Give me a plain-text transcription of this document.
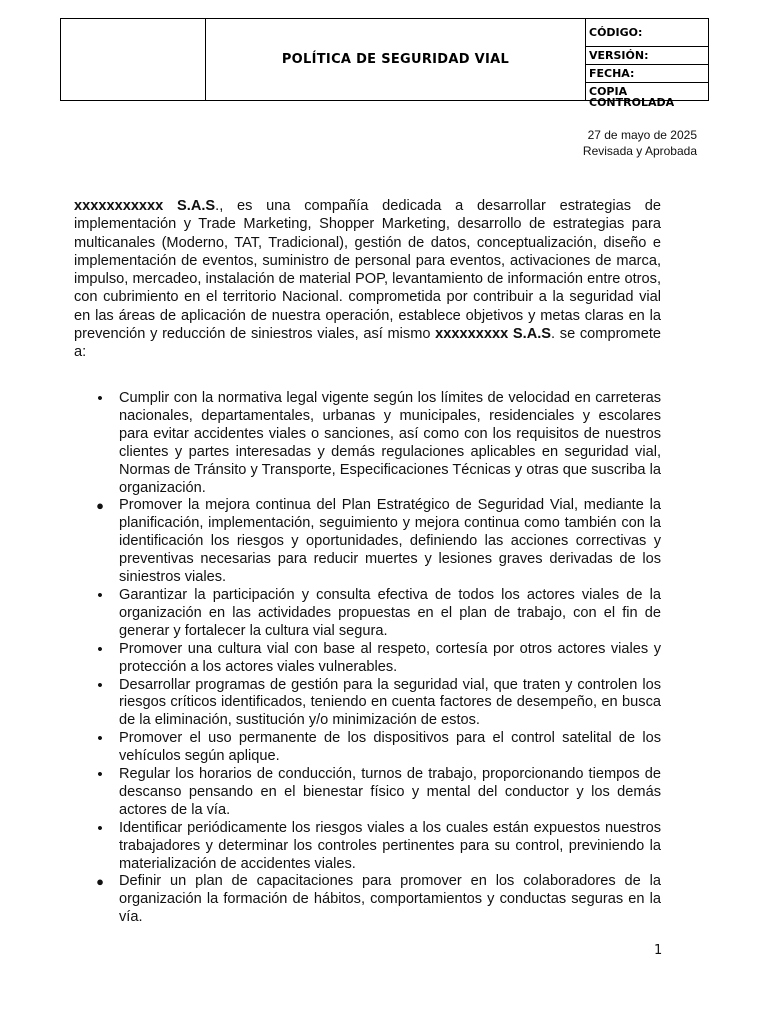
POLÍTICA DE SEGURIDAD VIAL
CÓDIGO:
VERSIÓN:
FECHA:
COPIA CONTROLADA
27 de mayo de 2025
Revisada y Aprobada

xxxxxxxxxxx S.A.S., es una compañía dedicada a desarrollar estrategias de implementación y Trade Marketing, Shopper Marketing, desarrollo de estrategias para multicanales (Moderno, TAT, Tradicional), gestión de datos, conceptualización, diseño e implementación de eventos, suministro de personal para eventos, activaciones de marca, impulso, mercadeo, instalación de material POP, levantamiento de información entre otros, con cubrimiento en el territorio Nacional. comprometida por contribuir a la seguridad vial en las áreas de aplicación de nuestra operación, establece objetivos y metas claras en la prevención y reducción de siniestros viales, así mismo xxxxxxxxx S.A.S. se compromete a:

•
Cumplir con la normativa legal vigente según los límites de velocidad en carreteras nacionales, departamentales, urbanas y municipales, residenciales y escolares para evitar accidentes viales o sanciones, así como con los requisitos de nuestros clientes y partes interesadas y demás regulaciones aplicables en seguridad vial, Normas de Tránsito y Transporte, Especificaciones Técnicas y otras que suscriba la organización.
●
Promover la mejora continua del Plan Estratégico de Seguridad Vial, mediante la planificación, implementación, seguimiento y mejora continua como también con la identificación los riesgos y oportunidades, definiendo las acciones correctivas y preventivas necesarias para reducir muertes y lesiones graves derivadas de los siniestros viales.
•
Garantizar la participación y consulta efectiva de todos los actores viales de la organización en las actividades propuestas en el plan de trabajo, con el fin de generar y fortalecer la cultura vial segura.
•
Promover una cultura vial con base al respeto, cortesía por otros actores viales y protección a los actores viales vulnerables.
•
Desarrollar programas de gestión para la seguridad vial, que traten y controlen los riesgos críticos identificados, teniendo en cuenta factores de desempeño, en busca de la eliminación, sustitución y/o minimización de estos.
•
Promover el uso permanente de los dispositivos para el control satelital de los vehículos según aplique.
•
Regular los horarios de conducción, turnos de trabajo, proporcionando tiempos de descanso pensando en el bienestar físico y mental del conductor y los demás actores de la vía.
•
Identificar periódicamente los riesgos viales a los cuales están expuestos nuestros trabajadores y determinar los controles pertinentes para su control, previniendo la materialización de accidentes viales.
●
Definir un plan de capacitaciones para promover en los colaboradores de la organización la formación de hábitos, comportamientos y conductas seguras en la vía.
1
